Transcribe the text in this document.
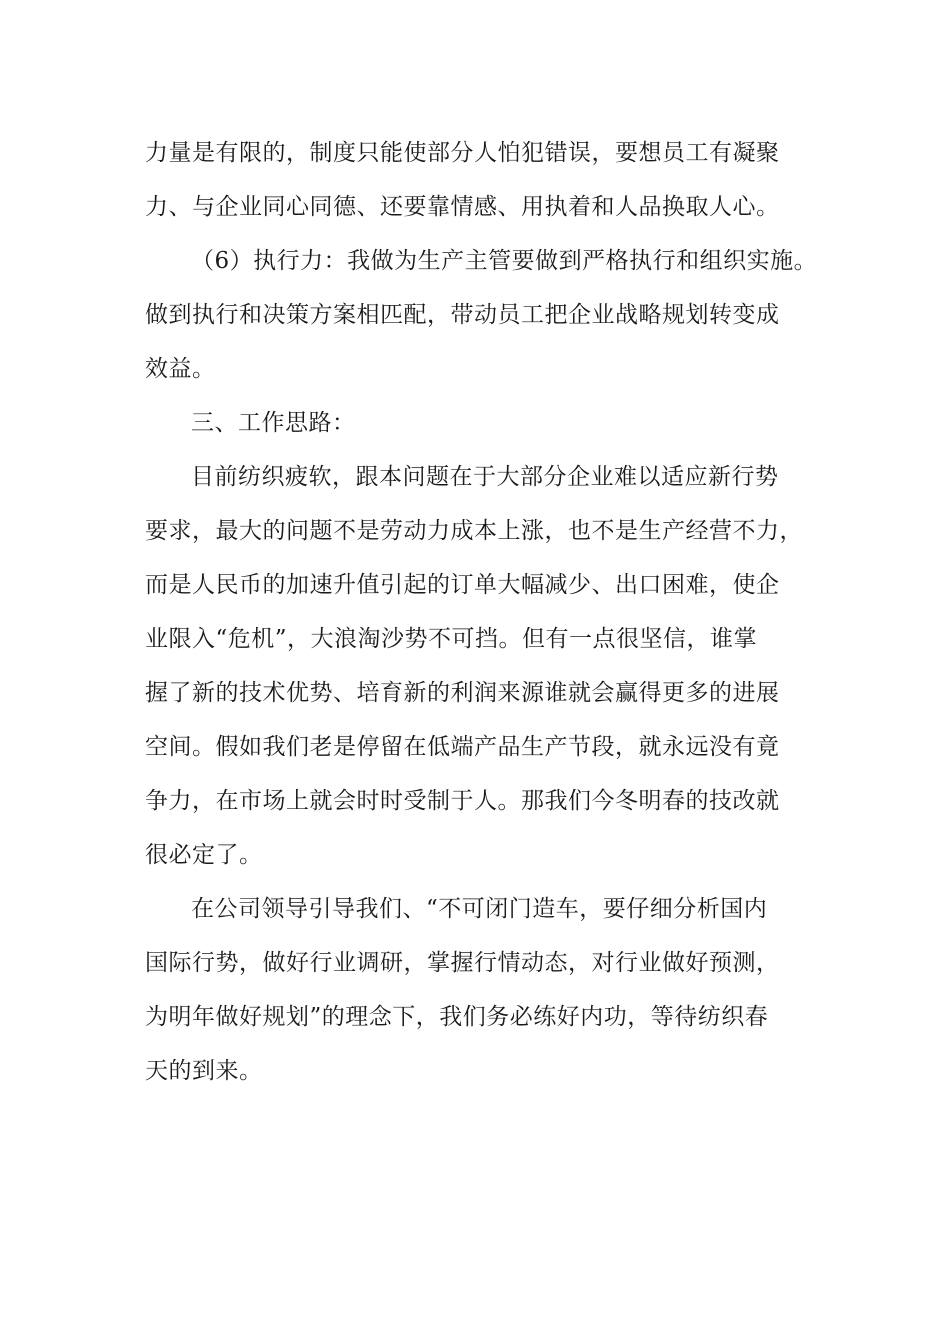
力量是有限的，制度只能使部分人怕犯错误，要想员工有凝聚
力、与企业同心同德、还要靠情感、用执着和人品换取人心。

（6）执行力：我做为生产主管要做到严格执行和组织实施。
做到执行和决策方案相匹配，带动员工把企业战略规划转变成
效益。

三、工作思路：

目前纺织疲软，跟本问题在于大部分企业难以适应新行势
要求，最大的问题不是劳动力成本上涨，也不是生产经营不力，
而是人民币的加速升值引起的订单大幅减少、出口困难，使企
业限入“危机”，大浪淘沙势不可挡。但有一点很坚信，谁掌
握了新的技术优势、培育新的利润来源谁就会赢得更多的进展
空间。假如我们老是停留在低端产品生产节段，就永远没有竟
争力，在市场上就会时时受制于人。那我们今冬明春的技改就
很必定了。

在公司领导引导我们、“不可闭门造车，要仔细分析国内
国际行势，做好行业调研，掌握行情动态，对行业做好预测，
为明年做好规划”的理念下，我们务必练好内功，等待纺织春
天的到来。
